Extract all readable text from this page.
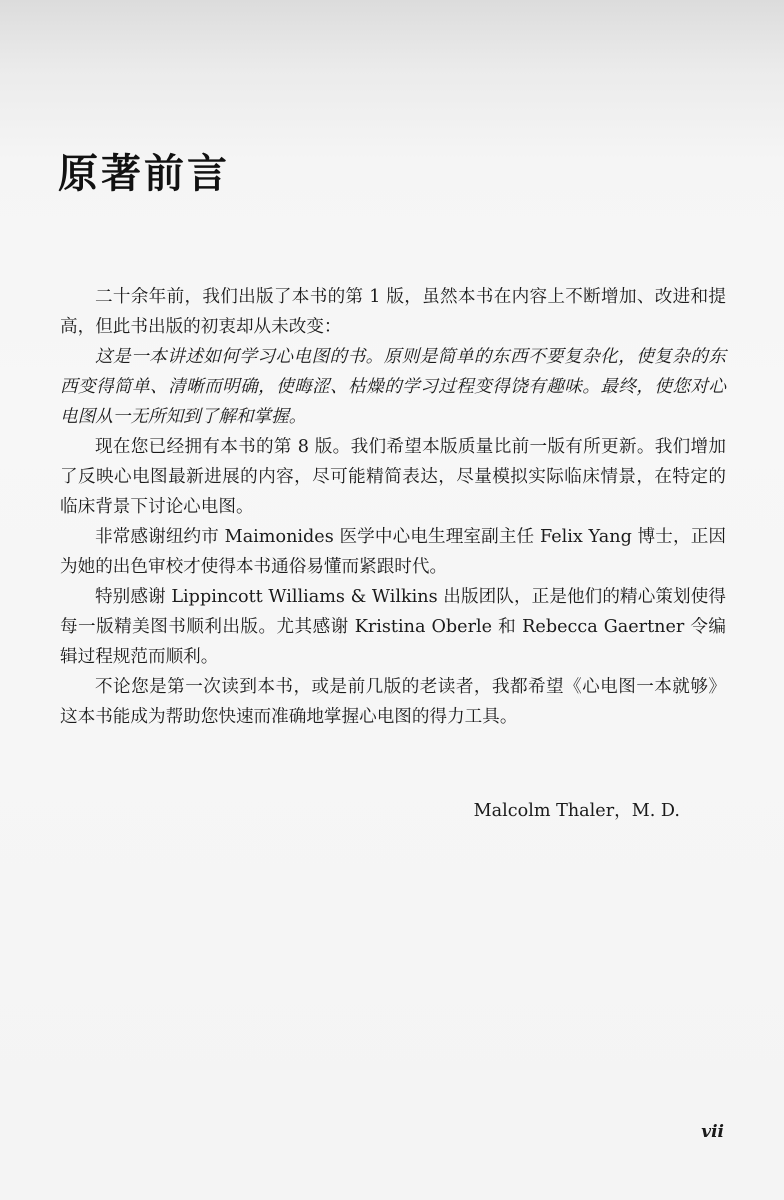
原著前言

二十余年前，我们出版了本书的第 1 版，虽然本书在内容上不断增加、改进和提高，但此书出版的初衷却从未改变：

这是一本讲述如何学习心电图的书。原则是简单的东西不要复杂化，使复杂的东西变得简单、清晰而明确，使晦涩、枯燥的学习过程变得饶有趣味。最终，使您对心电图从一无所知到了解和掌握。

现在您已经拥有本书的第 8 版。我们希望本版质量比前一版有所更新。我们增加了反映心电图最新进展的内容，尽可能精简表达，尽量模拟实际临床情景，在特定的临床背景下讨论心电图。

非常感谢纽约市 Maimonides 医学中心电生理室副主任 Felix Yang 博士，正因为她的出色审校才使得本书通俗易懂而紧跟时代。

特别感谢 Lippincott Williams & Wilkins 出版团队，正是他们的精心策划使得每一版精美图书顺利出版。尤其感谢 Kristina Oberle 和 Rebecca Gaertner 令编辑过程规范而顺利。

不论您是第一次读到本书，或是前几版的老读者，我都希望《心电图一本就够》这本书能成为帮助您快速而准确地掌握心电图的得力工具。

Malcolm Thaler，M. D.

vii
